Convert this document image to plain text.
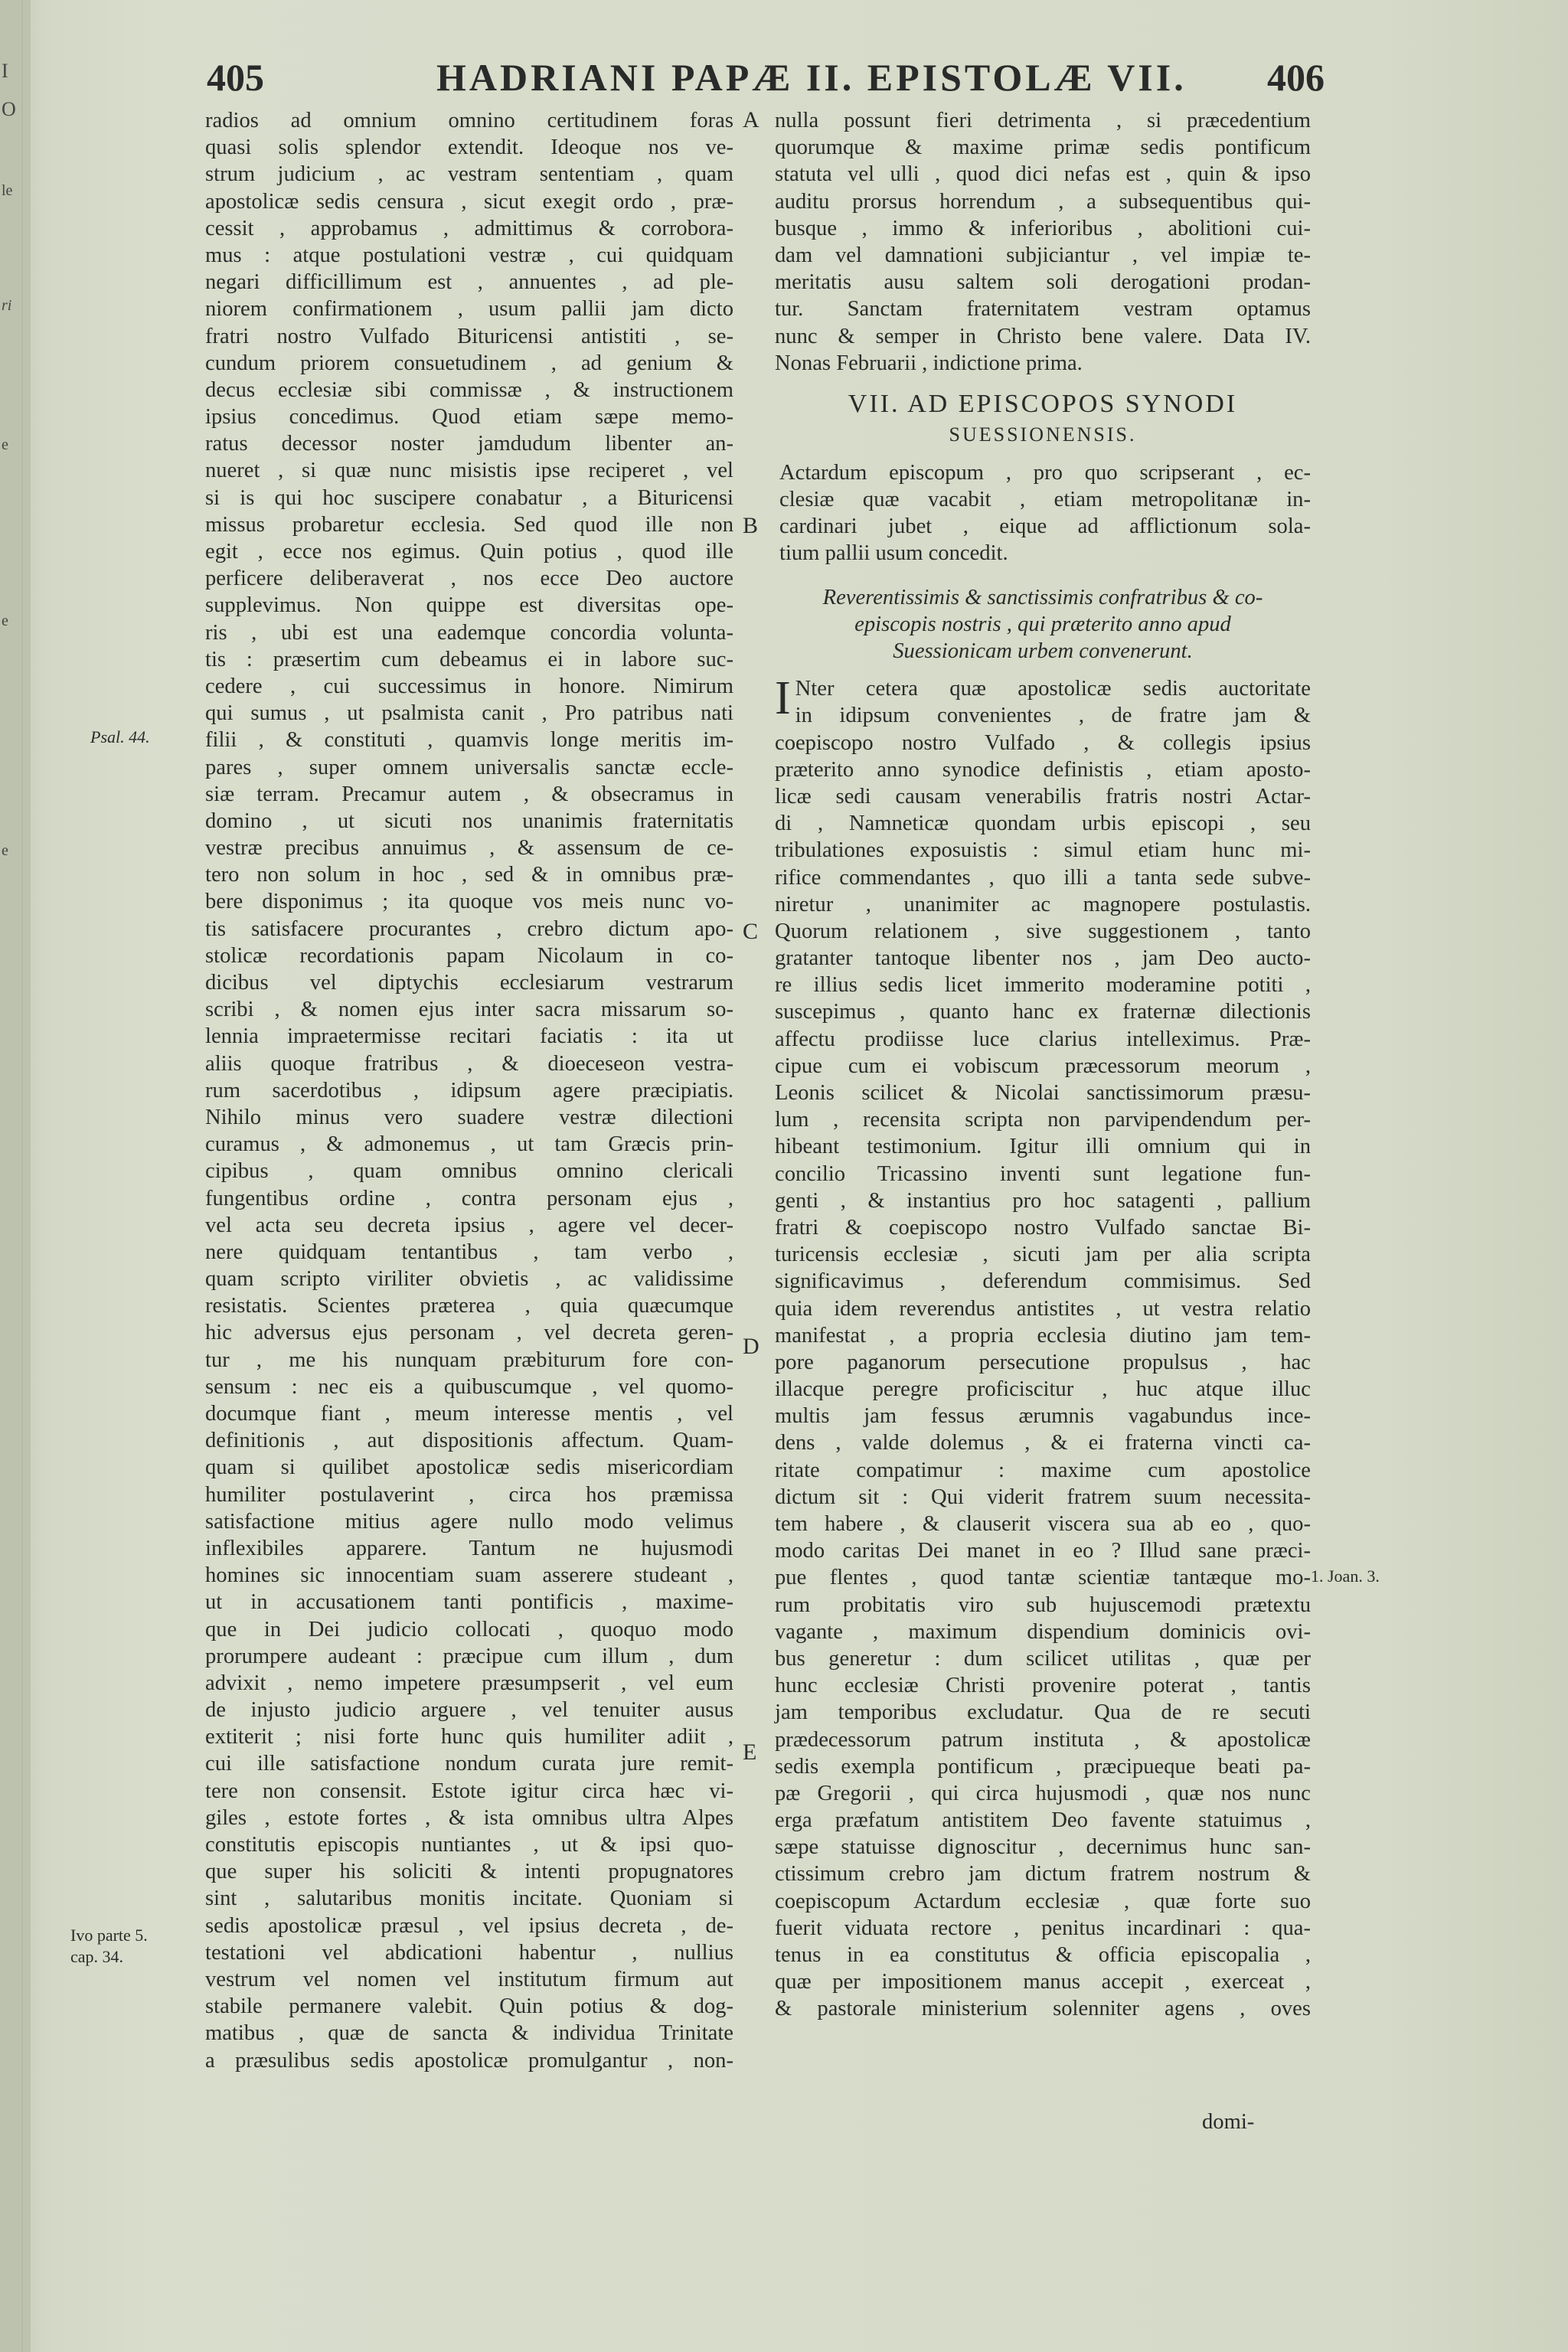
I
O
le
ri
e
e
e
405	HADRIANI PAPÆ II. EPISTOLÆ VII. 406
radios ad omnium omnino certitudinem foras
quasi solis splendor extendit. Ideoque nos ve-
strum judicium , ac vestram sententiam , quam
apostolicæ sedis censura , sicut exegit ordo , præ-
cessit , approbamus , admittimus & corrobora-
mus : atque postulationi vestræ , cui quidquam
negari difficillimum est , annuentes , ad ple-
niorem confirmationem , usum pallii jam dicto
fratri nostro Vulfado Bituricensi antistiti , se-
cundum priorem consuetudinem , ad genium &
decus ecclesiæ sibi commissæ , & instructionem
ipsius concedimus. Quod etiam sæpe memo-
ratus decessor noster jamdudum libenter an-
nueret , si quæ nunc misistis ipse reciperet , vel
si is qui hoc suscipere conabatur , a Bituricensi
missus probaretur ecclesia. Sed quod ille non
egit , ecce nos egimus. Quin potius , quod ille
perficere deliberaverat , nos ecce Deo auctore
supplevimus. Non quippe est diversitas ope-
ris , ubi est una eademque concordia volunta-
tis : præsertim cum debeamus ei in labore suc-
cedere , cui successimus in honore. Nimirum
qui sumus , ut psalmista canit , Pro patribus nati
filii , & constituti , quamvis longe meritis im-
pares , super omnem universalis sanctæ eccle-
siæ terram. Precamur autem , & obsecramus in
domino , ut sicuti nos unanimis fraternitatis
vestræ precibus annuimus , & assensum de ce-
tero non solum in hoc , sed & in omnibus præ-
bere disponimus ; ita quoque vos meis nunc vo-
tis satisfacere procurantes , crebro dictum apo-
stolicæ recordationis papam Nicolaum in co-
dicibus vel diptychis ecclesiarum vestrarum
scribi , & nomen ejus inter sacra missarum so-
lennia impraetermisse recitari faciatis : ita ut
aliis quoque fratribus , & dioecesеon vestra-
rum sacerdotibus , idipsum agere præcipiatis.
Nihilo minus vero suadere vestræ dilectioni
curamus , & admonemus , ut tam Græcis prin-
cipibus , quam omnibus omnino clericali
fungentibus ordine , contra personam ejus ,
vel acta seu decreta ipsius , agere vel decer-
nere quidquam tentantibus , tam verbo ,
quam scripto viriliter obvietis , ac validissime
resistatis. Scientes præterea , quia quæcumque
hic adversus ejus personam , vel decreta geren-
tur , me his nunquam præbiturum fore con-
sensum : nec eis a quibuscumque , vel quomo-
documque fiant , meum interesse mentis , vel
definitionis , aut dispositionis affectum. Quam-
quam si quilibet apostolicæ sedis misericordiam
humiliter postulaverint , circa hos præmissa
satisfactione mitius agere nullo modo velimus
inflexibiles apparere. Tantum ne hujusmodi
homines sic innocentiam suam asserere studeant ,
ut in accusationem tanti pontificis , maxime-
que in Dei judicio collocati , quoquo modo
prorumpere audeant : præcipue cum illum , dum
advixit , nemo impetere præsumpserit , vel eum
de injusto judicio arguere , vel tenuiter ausus
extiterit ; nisi forte hunc quis humiliter adiit ,
cui ille satisfactione nondum curata jure remit-
tere non consensit. Estote igitur circa hæc vi-
giles , estote fortes , & ista omnibus ultra Alpes
constitutis episcopis nuntiantes , ut & ipsi quo-
que super his soliciti & intenti propugnatores
sint , salutaribus monitis incitate. Quoniam si
sedis apostolicæ præsul , vel ipsius decreta , de-
testationi vel abdicationi habentur , nullius
vestrum vel nomen vel institutum firmum aut
stabile permanere valebit. Quin potius & dog-
matibus , quæ de sancta & individua Trinitate
a præsulibus sedis apostolicæ promulgantur , non-
nulla possunt fieri detrimenta , si præcedentium
quorumque & maxime primæ sedis pontificum
statuta vel ulli , quod dici nefas est , quin & ipso
auditu prorsus horrendum , a subsequentibus qui-
busque , immo & inferioribus , abolitioni cui-
dam vel damnationi subjiciantur , vel impiæ te-
meritatis ausu saltem soli derogationi prodan-
tur. Sanctam fraternitatem vestram optamus
nunc & semper in Christo bene valere. Data IV.
Nonas Februarii , indictione prima.
VII. AD EPISCOPOS SYNODI
SUESSIONENSIS.
Actardum episcopum , pro quo scripserant , ec-
clesiæ quæ vacabit , etiam metropolitanæ in-
cardinari jubet , eique ad afflictionum sola-
tium pallii usum concedit.
Reverentissimis & sanctissimis confratribus & co-
episcopis nostris , qui præterito anno apud
Suessionicam urbem convenerunt.
I Nter cetera quæ apostolicæ sedis auctoritate
in idipsum convenientes , de fratre jam &
coepiscopo nostro Vulfado , & collegis ipsius
præterito anno synodice definistis , etiam aposto-
licæ sedi causam venerabilis fratris nostri Actar-
di , Namneticæ quondam urbis episcopi , seu
tribulationes exposuistis : simul etiam hunc mi-
rifice commendantes , quo illi a tanta sede subve-
niretur , unanimiter ac magnopere postulastis.
Quorum relationem , sive suggestionem , tanto
gratanter tantoque libenter nos , jam Deo aucto-
re illius sedis licet immerito moderamine potiti ,
suscepimus , quanto hanc ex fraternæ dilectionis
affectu prodiisse luce clarius intelleximus. Præ-
cipue cum ei vobiscum præcessorum meorum ,
Leonis scilicet & Nicolai sanctissimorum præsu-
lum , recensita scripta non parvipendendum per-
hibeant testimonium. Igitur illi omnium qui in
concilio Tricassino inventi sunt legatione fun-
genti , & instantius pro hoc satagenti , pallium
fratri & coepiscopo nostro Vulfado sanctae Bi-
turicensis ecclesiæ , sicuti jam per alia scripta
significavimus , deferendum commisimus. Sed
quia idem reverendus antistites , ut vestra relatio
manifestat , a propria ecclesia diutino jam tem-
pore paganorum persecutione propulsus , hac
illacque peregre proficiscitur , huc atque illuc
multis jam fessus ærumnis vagabundus ince-
dens , valde dolemus , & ei fraterna vincti ca-
ritate compatimur : maxime cum apostolice
dictum sit : Qui viderit fratrem suum necessita-
tem habere , & clauserit viscera sua ab eo , quo-
modo caritas Dei manet in eo ? Illud sane præci-
pue flentes , quod tantæ scientiæ tantæque mo-
rum probitatis viro sub hujuscemodi prætextu
vagante , maximum dispendium dominicis ovi-
bus generetur : dum scilicet utilitas , quæ per
hunc ecclesiæ Christi provenire poterat , tantis
jam temporibus excludatur. Qua de re secuti
prædecessorum patrum instituta , & apostolicæ
sedis exempla pontificum , præcipueque beati pa-
pæ Gregorii , qui circa hujusmodi , quæ nos nunc
erga præfatum antistitem Deo favente statuimus ,
sæpe statuisse dignoscitur , decernimus hunc san-
ctissimum crebro jam dictum fratrem nostrum &
coepiscopum Actardum ecclesiæ , quæ forte suo
fuerit viduata rectore , penitus incardinari : qua-
tenus in ea constitutus & officia episcopalia ,
quæ per impositionem manus accepit , exerceat ,
& pastorale ministerium solenniter agens , oves
Psal. 44.
Ivo parte 5.
cap. 34.
1. Joan. 3.
A
B
C
D
E
domi-
